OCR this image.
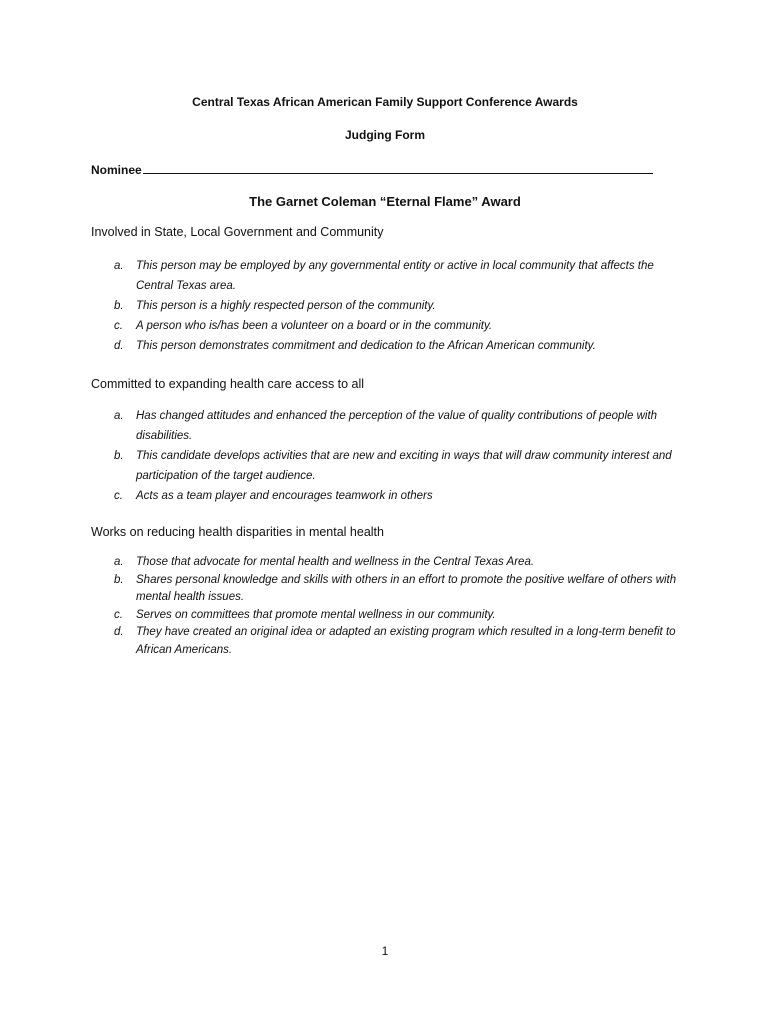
Central Texas African American Family Support Conference Awards
Judging Form
Nominee
The Garnet Coleman “Eternal Flame” Award
Involved in State, Local Government and Community
a. This person may be employed by any governmental entity or active in local community that affects the Central Texas area.
b. This person is a highly respected person of the community.
c. A person who is/has been a volunteer on a board or in the community.
d. This person demonstrates commitment and dedication to the African American community.
Committed to expanding health care access to all
a. Has changed attitudes and enhanced the perception of the value of quality contributions of people with disabilities.
b. This candidate develops activities that are new and exciting in ways that will draw community interest and participation of the target audience.
c. Acts as a team player and encourages teamwork in others
Works on reducing health disparities in mental health
a. Those that advocate for mental health and wellness in the Central Texas Area.
b. Shares personal knowledge and skills with others in an effort to promote the positive welfare of others with mental health issues.
c. Serves on committees that promote mental wellness in our community.
d. They have created an original idea or adapted an existing program which resulted in a long-term benefit to African Americans.
1
